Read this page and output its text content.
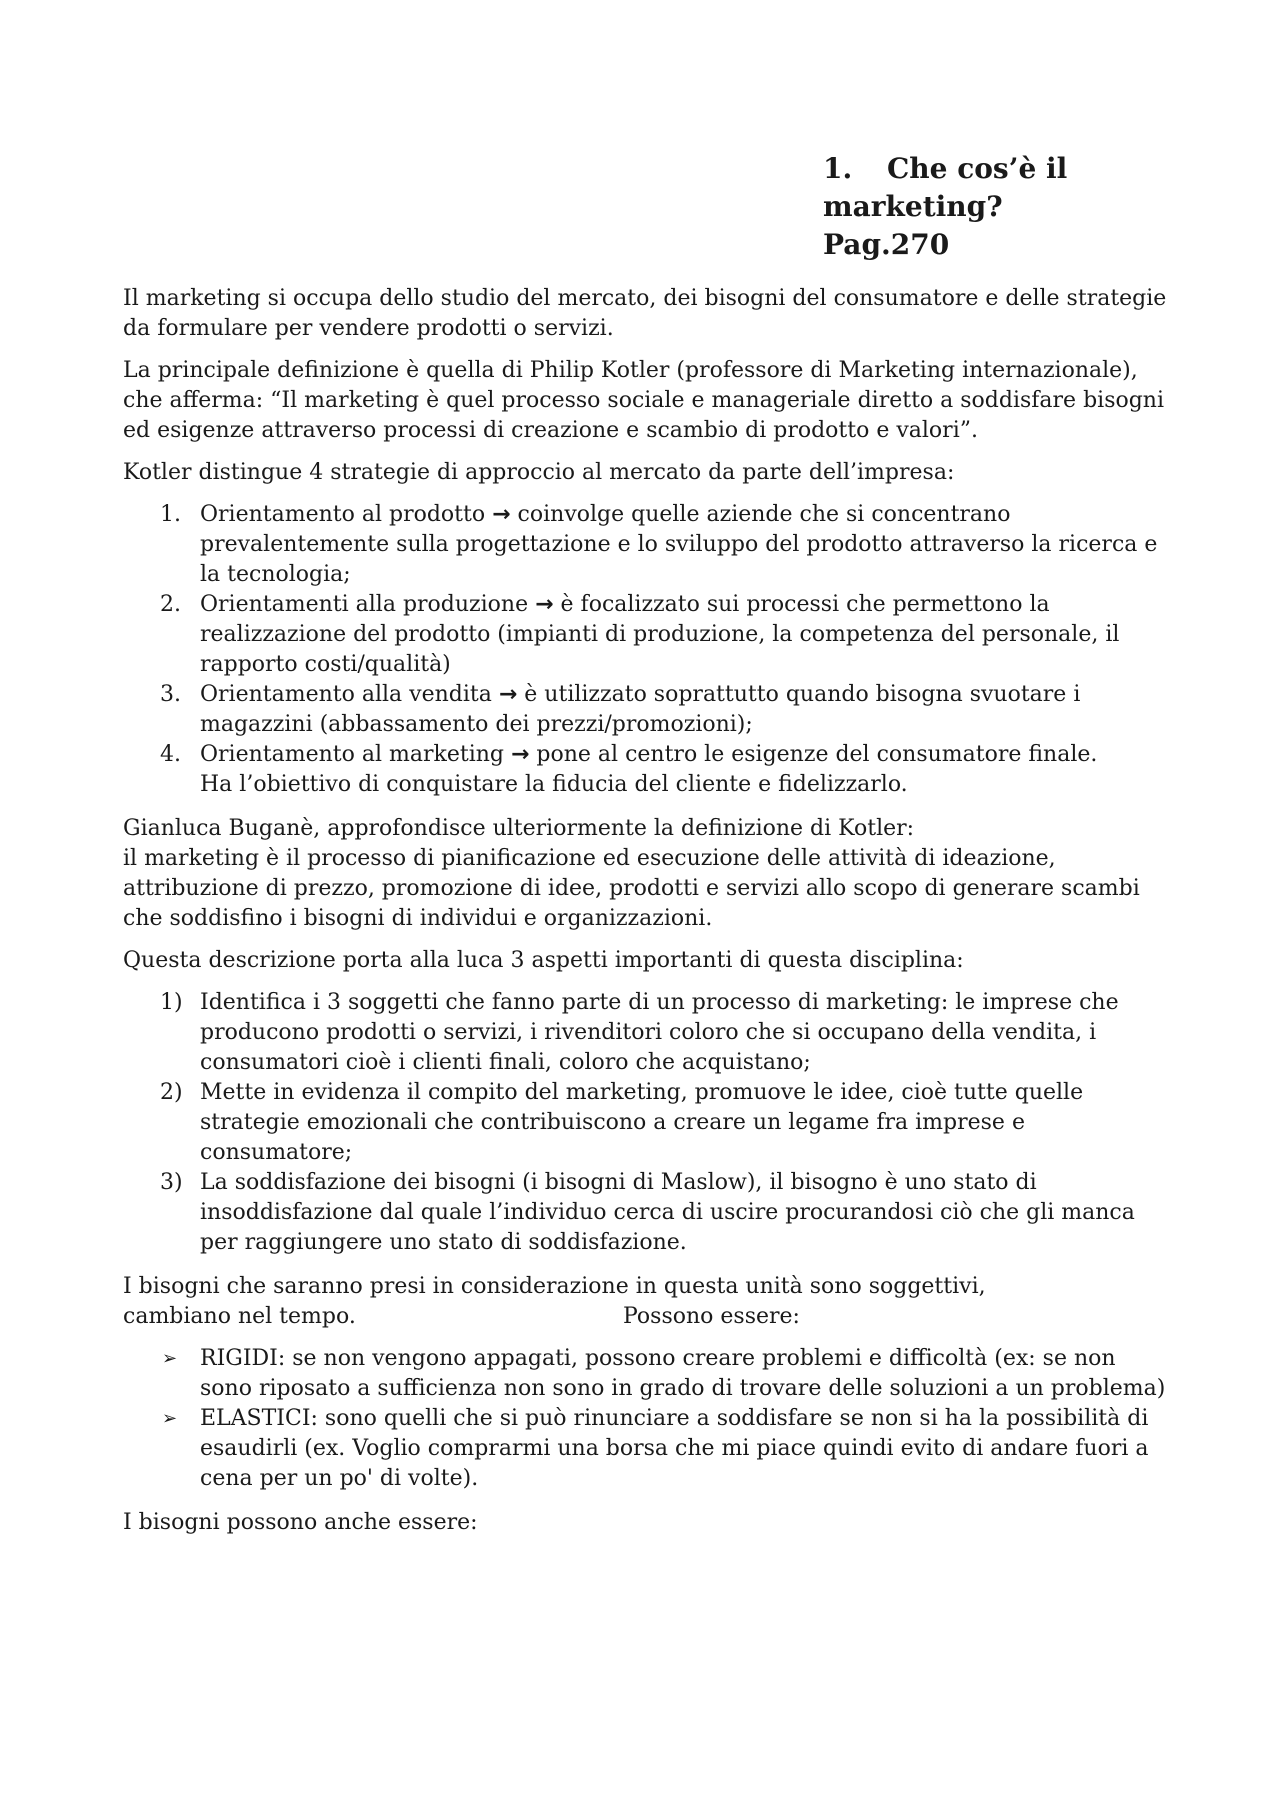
1. Che cos’è il
marketing?
Pag.270

Il marketing si occupa dello studio del mercato, dei bisogni del consumatore e delle strategie da formulare per vendere prodotti o servizi.

La principale definizione è quella di Philip Kotler (professore di Marketing internazionale), che afferma: “Il marketing è quel processo sociale e manageriale diretto a soddisfare bisogni ed esigenze attraverso processi di creazione e scambio di prodotto e valori”.

Kotler distingue 4 strategie di approccio al mercato da parte dell’impresa:

1. Orientamento al prodotto → coinvolge quelle aziende che si concentrano prevalentemente sulla progettazione e lo sviluppo del prodotto attraverso la ricerca e la tecnologia;
2. Orientamenti alla produzione → è focalizzato sui processi che permettono la realizzazione del prodotto (impianti di produzione, la competenza del personale, il rapporto costi/qualità)
3. Orientamento alla vendita → è utilizzato soprattutto quando bisogna svuotare i magazzini (abbassamento dei prezzi/promozioni);
4. Orientamento al marketing → pone al centro le esigenze del consumatore finale.
Ha l’obiettivo di conquistare la fiducia del cliente e fidelizzarlo.

Gianluca Buganè, approfondisce ulteriormente la definizione di Kotler:

il marketing è il processo di pianificazione ed esecuzione delle attività di ideazione, attribuzione di prezzo, promozione di idee, prodotti e servizi allo scopo di generare scambi che soddisfino i bisogni di individui e organizzazioni.

Questa descrizione porta alla luca 3 aspetti importanti di questa disciplina:

1) Identifica i 3 soggetti che fanno parte di un processo di marketing: le imprese che producono prodotti o servizi, i rivenditori coloro che si occupano della vendita, i consumatori cioè i clienti finali, coloro che acquistano;
2) Mette in evidenza il compito del marketing, promuove le idee, cioè tutte quelle strategie emozionali che contribuiscono a creare un legame fra imprese e consumatore;
3) La soddisfazione dei bisogni (i bisogni di Maslow), il bisogno è uno stato di insoddisfazione dal quale l’individuo cerca di uscire procurandosi ciò che gli manca per raggiungere uno stato di soddisfazione.

I bisogni che saranno presi in considerazione in questa unità sono soggettivi,
cambiano nel tempo.	Possono essere:

➢ RIGIDI: se non vengono appagati, possono creare problemi e difficoltà (ex: se non sono riposato a sufficienza non sono in grado di trovare delle soluzioni a un problema)
➢ ELASTICI: sono quelli che si può rinunciare a soddisfare se non si ha la possibilità di esaudirli (ex. Voglio comprarmi una borsa che mi piace quindi evito di andare fuori a cena per un po' di volte).

I bisogni possono anche essere:
